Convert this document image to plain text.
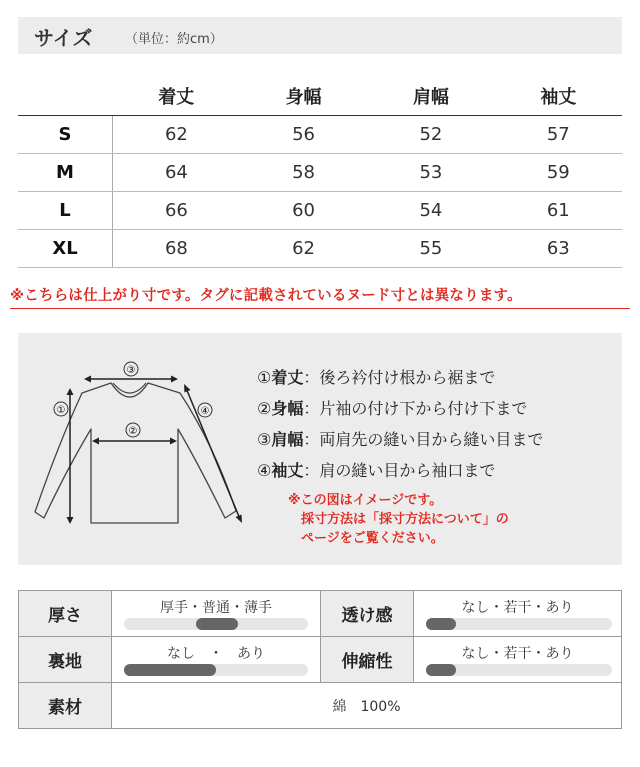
サイズ	（単位：約cm）
	着丈	身幅	肩幅	袖丈
S	62	56	52	57
M	64	58	53	59
L	66	60	54	61
XL	68	62	55	63
※こちらは仕上がり寸です。タグに記載されているヌード寸とは異なります。
③
①
②
④
①着丈：後ろ衿付け根から裾まで
②身幅：片袖の付け下から付け下まで
③肩幅：両肩先の縫い目から縫い目まで
④袖丈：肩の縫い目から袖口まで
※この図はイメージです。
採寸方法は「採寸方法について」の
ページをご覧ください。
厚さ	厚手・普通・薄手	透け感	なし・若干・あり

裏地	なし　・　あり	伸縮性	なし・若干・あり

素材	綿　100%		
